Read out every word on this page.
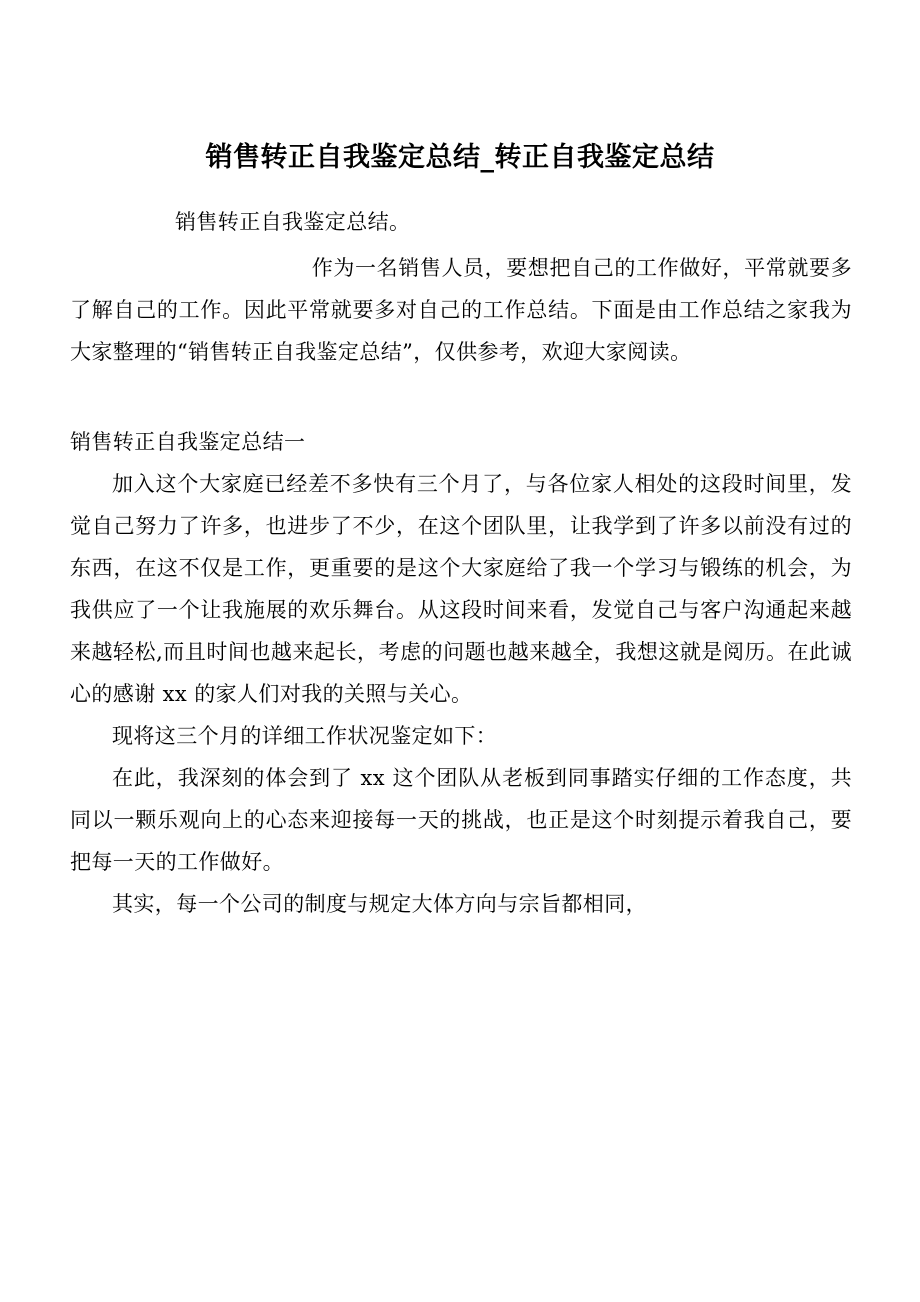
销售转正自我鉴定总结_转正自我鉴定总结

销售转正自我鉴定总结。

作为一名销售人员，要想把自己的工作做好，平常就要多了解自己的工作。因此平常就要多对自己的工作总结。下面是由工作总结之家我为大家整理的“销售转正自我鉴定总结”，仅供参考，欢迎大家阅读。

销售转正自我鉴定总结一

加入这个大家庭已经差不多快有三个月了，与各位家人相处的这段时间里，发觉自己努力了许多，也进步了不少，在这个团队里，让我学到了许多以前没有过的东西，在这不仅是工作，更重要的是这个大家庭给了我一个学习与锻练的机会，为我供应了一个让我施展的欢乐舞台。从这段时间来看，发觉自己与客户沟通起来越来越轻松,而且时间也越来起长，考虑的问题也越来越全，我想这就是阅历。在此诚心的感谢 xx 的家人们对我的关照与关心。

现将这三个月的详细工作状况鉴定如下：

在此，我深刻的体会到了 xx 这个团队从老板到同事踏实仔细的工作态度，共同以一颗乐观向上的心态来迎接每一天的挑战，也正是这个时刻提示着我自己，要把每一天的工作做好。

其实，每一个公司的制度与规定大体方向与宗旨都相同，
